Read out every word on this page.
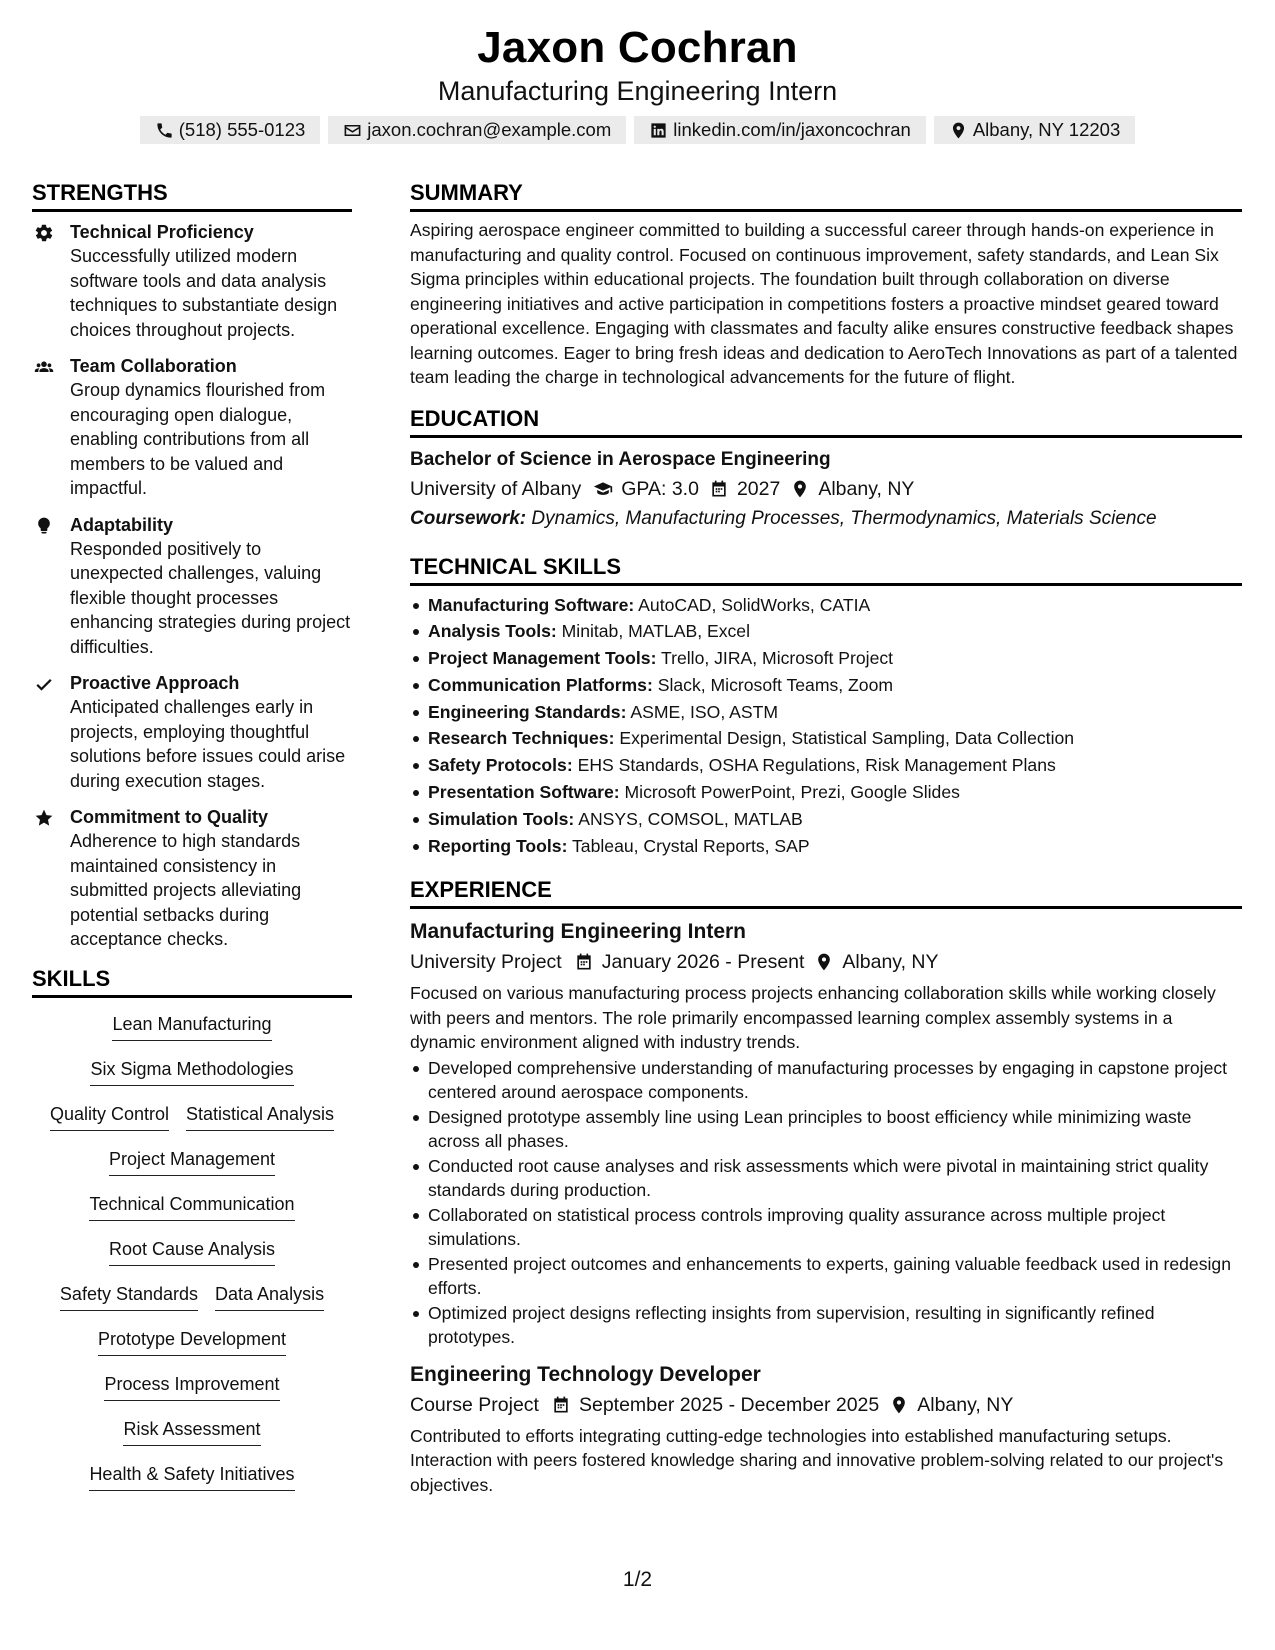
Jaxon Cochran
Manufacturing Engineering Intern
(518) 555-0123	jaxon.cochran@example.com	linkedin.com/in/jaxoncochran	Albany, NY 12203
STRENGTHS
Technical Proficiency
Successfully utilized modern software tools and data analysis techniques to substantiate design choices throughout projects.
Team Collaboration
Group dynamics flourished from encouraging open dialogue, enabling contributions from all members to be valued and impactful.
Adaptability
Responded positively to unexpected challenges, valuing flexible thought processes enhancing strategies during project difficulties.
Proactive Approach
Anticipated challenges early in projects, employing thoughtful solutions before issues could arise during execution stages.
Commitment to Quality
Adherence to high standards maintained consistency in submitted projects alleviating potential setbacks during acceptance checks.
SKILLS
Lean Manufacturing
Six Sigma Methodologies
Quality Control Statistical Analysis
Project Management
Technical Communication
Root Cause Analysis
Safety Standards Data Analysis
Prototype Development
Process Improvement
Risk Assessment
Health & Safety Initiatives
SUMMARY
Aspiring aerospace engineer committed to building a successful career through hands-on experience in manufacturing and quality control. Focused on continuous improvement, safety standards, and Lean Six Sigma principles within educational projects. The foundation built through collaboration on diverse engineering initiatives and active participation in competitions fosters a proactive mindset geared toward operational excellence. Engaging with classmates and faculty alike ensures constructive feedback shapes learning outcomes. Eager to bring fresh ideas and dedication to AeroTech Innovations as part of a talented team leading the charge in technological advancements for the future of flight.
EDUCATION
Bachelor of Science in Aerospace Engineering
University of Albany GPA: 3.0 2027 Albany, NY
Coursework: Dynamics, Manufacturing Processes, Thermodynamics, Materials Science
TECHNICAL SKILLS
Manufacturing Software: AutoCAD, SolidWorks, CATIA
Analysis Tools: Minitab, MATLAB, Excel
Project Management Tools: Trello, JIRA, Microsoft Project
Communication Platforms: Slack, Microsoft Teams, Zoom
Engineering Standards: ASME, ISO, ASTM
Research Techniques: Experimental Design, Statistical Sampling, Data Collection
Safety Protocols: EHS Standards, OSHA Regulations, Risk Management Plans
Presentation Software: Microsoft PowerPoint, Prezi, Google Slides
Simulation Tools: ANSYS, COMSOL, MATLAB
Reporting Tools: Tableau, Crystal Reports, SAP
EXPERIENCE
Manufacturing Engineering Intern
University Project January 2026 - Present Albany, NY
Focused on various manufacturing process projects enhancing collaboration skills while working closely with peers and mentors. The role primarily encompassed learning complex assembly systems in a dynamic environment aligned with industry trends.
Developed comprehensive understanding of manufacturing processes by engaging in capstone project centered around aerospace components.
Designed prototype assembly line using Lean principles to boost efficiency while minimizing waste across all phases.
Conducted root cause analyses and risk assessments which were pivotal in maintaining strict quality standards during production.
Collaborated on statistical process controls improving quality assurance across multiple project simulations.
Presented project outcomes and enhancements to experts, gaining valuable feedback used in redesign efforts.
Optimized project designs reflecting insights from supervision, resulting in significantly refined prototypes.
Engineering Technology Developer
Course Project September 2025 - December 2025 Albany, NY
Contributed to efforts integrating cutting-edge technologies into established manufacturing setups. Interaction with peers fostered knowledge sharing and innovative problem-solving related to our project's objectives.
1/2
